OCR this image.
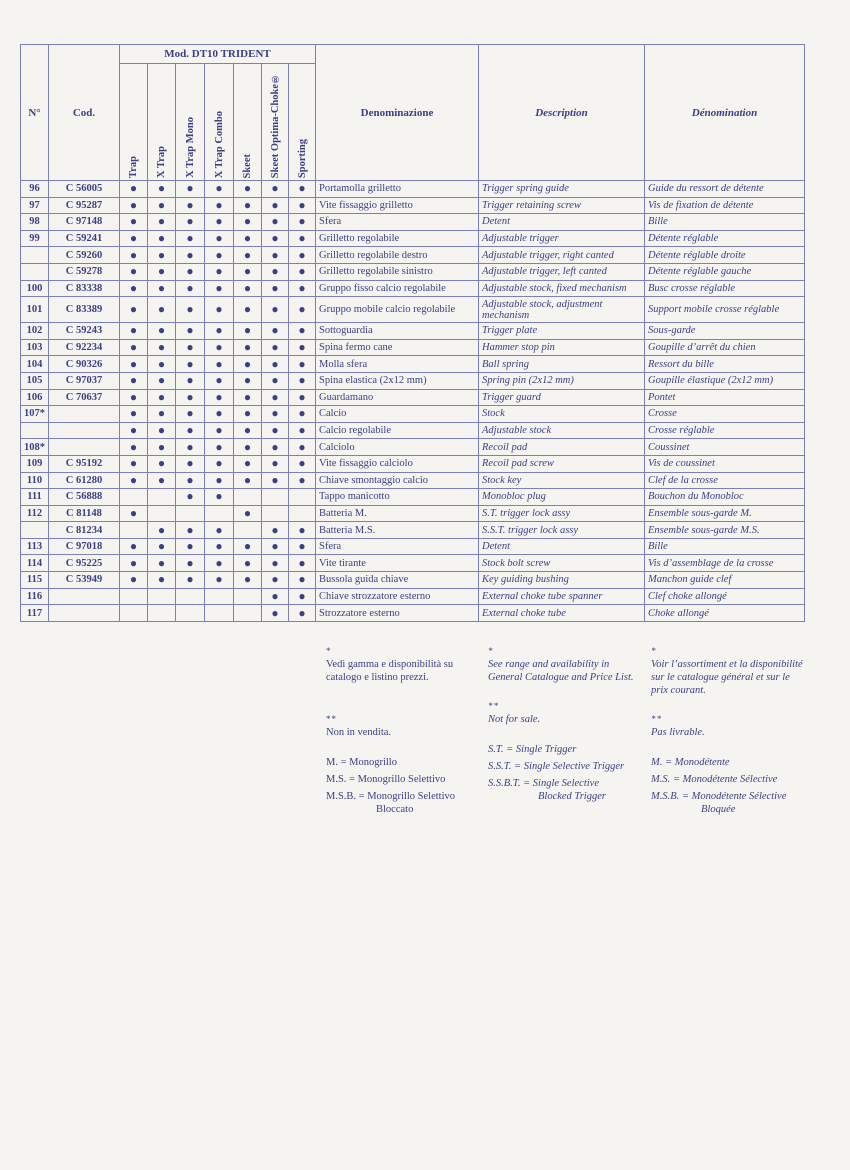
N°	Cod.	Mod. DT10 TRIDENT							Denominazione	Description	Dénomination

		Trap	X Trap	X Trap Mono	X Trap Combo	Skeet	Skeet Optima-Choke®	Sporting			

96	C 56005	●	●	●	●	●	●	●	Portamolla grilletto	Trigger spring guide	Guide du ressort de détente
97	C 95287	●	●	●	●	●	●	●	Vite fissaggio grilletto	Trigger retaining screw	Vis de fixation de détente
98	C 97148	●	●	●	●	●	●	●	Sfera	Detent	Bille
99	C 59241	●	●	●	●	●	●	●	Grilletto regolabile	Adjustable trigger	Détente réglable
	C 59260	●	●	●	●	●	●	●	Grilletto regolabile destro	Adjustable trigger, right canted	Détente réglable droite
	C 59278	●	●	●	●	●	●	●	Grilletto regolabile sinistro	Adjustable trigger, left canted	Détente réglable gauche
100	C 83338	●	●	●	●	●	●	●	Gruppo fisso calcio regolabile	Adjustable stock, fixed mechanism	Busc crosse réglable
101	C 83389	●	●	●	●	●	●	●	Gruppo mobile calcio regolabile	Adjustable stock, adjustment mechanism	Support mobile crosse réglable
102	C 59243	●	●	●	●	●	●	●	Sottoguardia	Trigger plate	Sous-garde
103	C 92234	●	●	●	●	●	●	●	Spina fermo cane	Hammer stop pin	Goupille d’arrêt du chien
104	C 90326	●	●	●	●	●	●	●	Molla sfera	Ball spring	Ressort du bille
105	C 97037	●	●	●	●	●	●	●	Spina elastica (2x12 mm)	Spring pin (2x12 mm)	Goupille élastique (2x12 mm)
106	C 70637	●	●	●	●	●	●	●	Guardamano	Trigger guard	Pontet
107*		●	●	●	●	●	●	●	Calcio	Stock	Crosse
		●	●	●	●	●	●	●	Calcio regolabile	Adjustable stock	Crosse réglable
108*		●	●	●	●	●	●	●	Calciolo	Recoil pad	Coussinet
109	C 95192	●	●	●	●	●	●	●	Vite fissaggio calciolo	Recoil pad screw	Vis de coussinet
110	C 61280	●	●	●	●	●	●	●	Chiave smontaggio calcio	Stock key	Clef de la crosse
111	C 56888			●	●				Tappo manicotto	Monobloc plug	Bouchon du Monobloc
112	C 81148	●				●			Batteria M.	S.T. trigger lock assy	Ensemble sous-garde M.
	C 81234		●	●	●		●	●	Batteria M.S.	S.S.T. trigger lock assy	Ensemble sous-garde M.S.
113	C 97018	●	●	●	●	●	●	●	Sfera	Detent	Bille
114	C 95225	●	●	●	●	●	●	●	Vite tirante	Stock bolt screw	Vis d’assemblage de la crosse
115	C 53949	●	●	●	●	●	●	●	Bussola guida chiave	Key guiding bushing	Manchon guide clef
116							●	●	Chiave strozzatore esterno	External choke tube spanner	Clef choke allongé
117							●	●	Strozzatore esterno	External choke tube	Choke allongé
*
Vedi gamma e disponibilità su catalogo e listino prezzi.
**
Non in vendita.
M. = Monogrillo
M.S. = Monogrillo Selettivo
M.S.B. = Monogrillo Selettivo
Bloccato
*
See range and availability in General Catalogue and Price List.
**
Not for sale.
S.T. = Single Trigger
S.S.T. = Single Selective Trigger
S.S.B.T. = Single Selective
Blocked Trigger
*
Voir l’assortiment et la disponibilité sur le catalogue général et sur le prix courant.
**
Pas livrable.
M. = Monodétente
M.S. = Monodétente Sélective
M.S.B. = Monodétente Sélective
Bloquée
